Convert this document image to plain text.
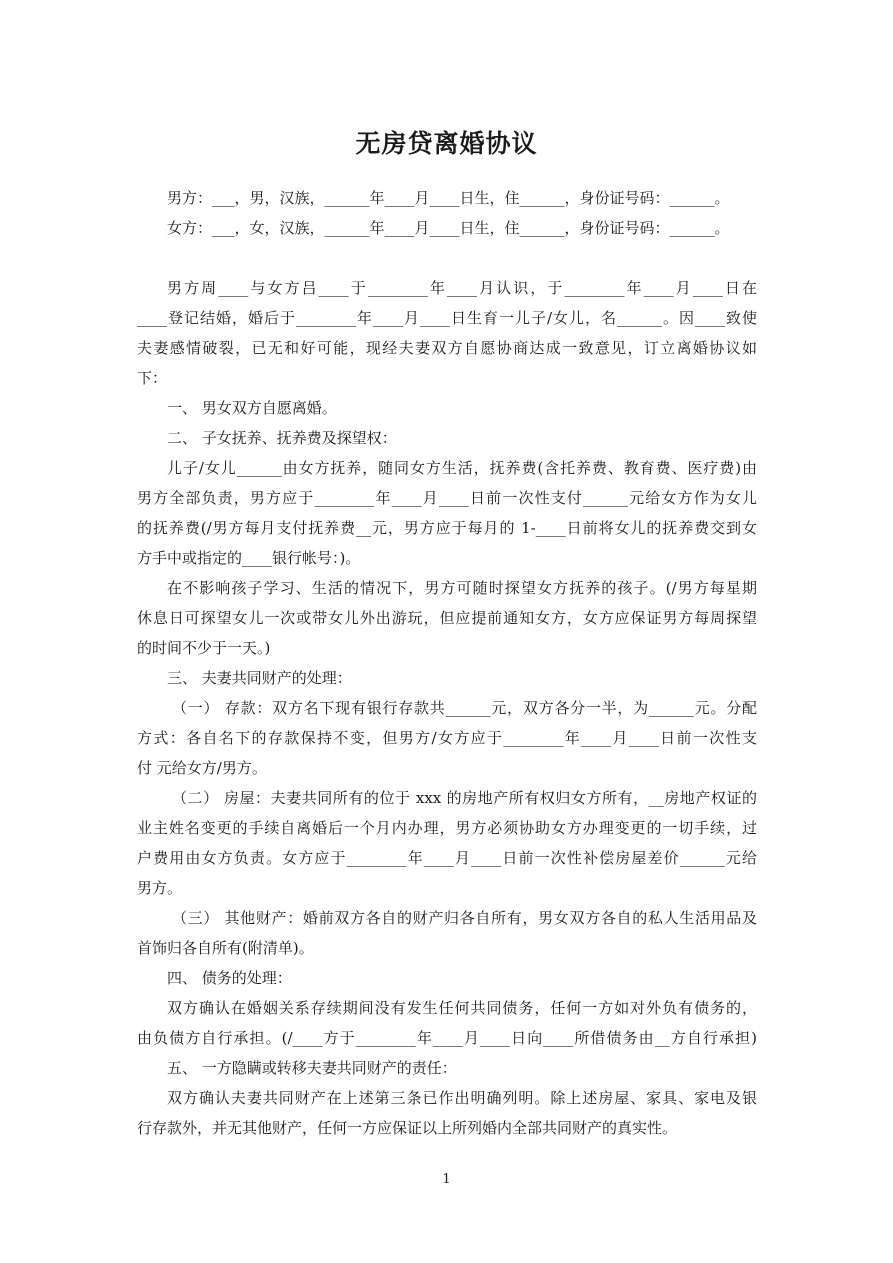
无房贷离婚协议
男方：___，男，汉族，______年____月____日生，住______，身份证号码：______。
女方：___，女，汉族，______年____月____日生，住______，身份证号码：______。
男方周____与女方吕____于________年____月认识，于________年____月____日在
____登记结婚，婚后于________年____月____日生育一儿子/女儿，名______。因____致使
夫妻感情破裂，已无和好可能，现经夫妻双方自愿协商达成一致意见，订立离婚协议如
下：
一、 男女双方自愿离婚。
二、 子女抚养、抚养费及探望权：
儿子/女儿______由女方抚养，随同女方生活，抚养费(含托养费、教育费、医疗费)由
男方全部负责，男方应于________年____月____日前一次性支付______元给女方作为女儿
的抚养费(/男方每月支付抚养费__元，男方应于每月的 1-____日前将女儿的抚养费交到女
方手中或指定的____银行帐号：)。
在不影响孩子学习、生活的情况下，男方可随时探望女方抚养的孩子。(/男方每星期
休息日可探望女儿一次或带女儿外出游玩，但应提前通知女方，女方应保证男方每周探望
的时间不少于一天。)
三、 夫妻共同财产的处理：
（一） 存款：双方名下现有银行存款共______元，双方各分一半，为______元。分配
方式：各自名下的存款保持不变，但男方/女方应于________年____月____日前一次性支
付 元给女方/男方。
（二） 房屋：夫妻共同所有的位于 xxx 的房地产所有权归女方所有，__房地产权证的
业主姓名变更的手续自离婚后一个月内办理，男方必须协助女方办理变更的一切手续，过
户费用由女方负责。女方应于________年____月____日前一次性补偿房屋差价______元给
男方。
（三） 其他财产：婚前双方各自的财产归各自所有，男女双方各自的私人生活用品及
首饰归各自所有(附清单)。
四、 债务的处理：
双方确认在婚姻关系存续期间没有发生任何共同债务，任何一方如对外负有债务的，
由负债方自行承担。(/____方于________年____月____日向____所借债务由__方自行承担)
五、 一方隐瞒或转移夫妻共同财产的责任：
双方确认夫妻共同财产在上述第三条已作出明确列明。除上述房屋、家具、家电及银
行存款外，并无其他财产，任何一方应保证以上所列婚内全部共同财产的真实性。
1
